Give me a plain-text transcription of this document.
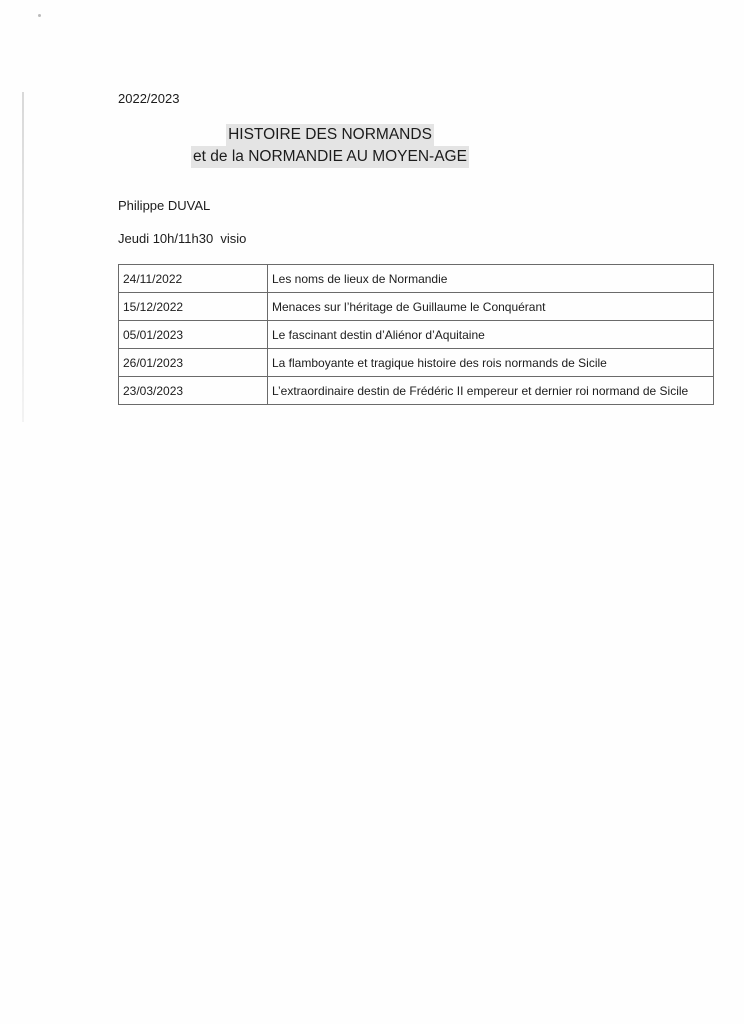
2022/2023
HISTOIRE DES NORMANDS
et de la NORMANDIE AU MOYEN-AGE
Philippe DUVAL
Jeudi 10h/11h30  visio
24/11/2022	Les noms de lieux de Normandie
15/12/2022	Menaces sur l’héritage de Guillaume le Conquérant
05/01/2023	Le fascinant destin d’Aliénor d’Aquitaine
26/01/2023	La flamboyante et tragique histoire des rois normands de Sicile
23/03/2023	L’extraordinaire destin de Frédéric II empereur et dernier roi normand de Sicile
